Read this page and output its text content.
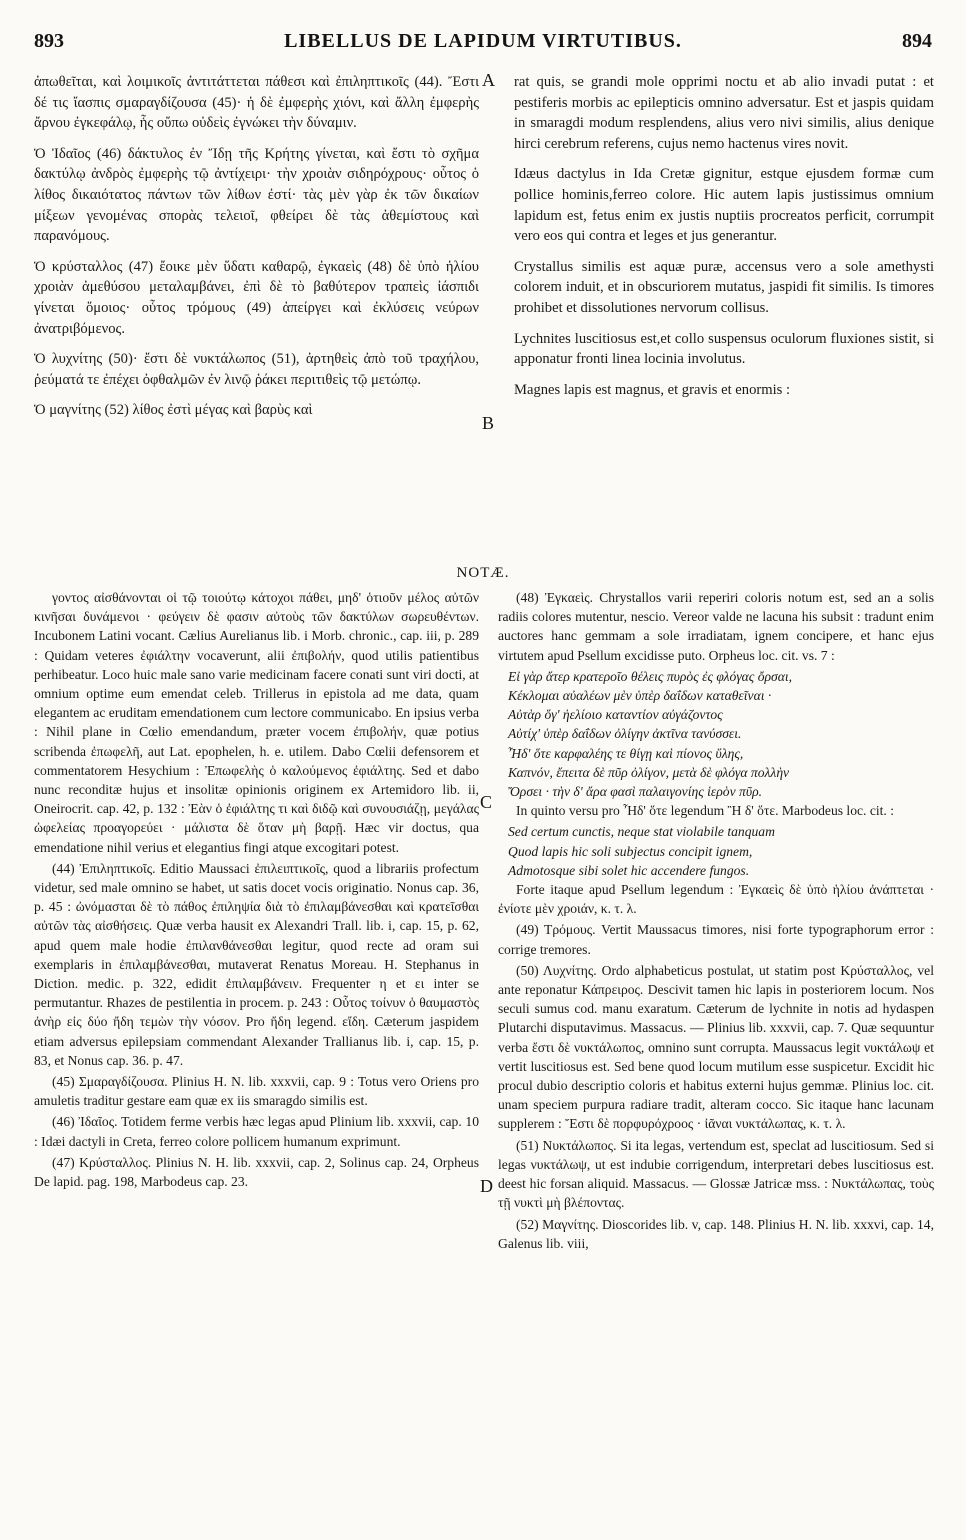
893	LIBELLUS DE LAPIDUM VIRTUTIBUS.	894
A
B
C
D

ἀπωθεῖται, καὶ λοιμικοῖς ἀντιτάττεται πάθεσι καὶ ἐπιληπτικοῖς (44). Ἔστι δέ τις ἴασπις σμαραγδίζουσα (45)· ἡ δὲ ἐμφερὴς χιόνι, καὶ ἄλλη ἐμφερὴς ἄρνου ἐγκεφάλῳ, ἧς οὔπω οὐδεὶς ἐγνώκει τὴν δύναμιν.

Ὁ Ἰδαῖος (46) δάκτυλος ἐν Ἴδῃ τῆς Κρήτης γίνεται, καὶ ἔστι τὸ σχῆμα δακτύλῳ ἀνδρὸς ἐμφερὴς τῷ ἀντίχειρι· τὴν χροιὰν σιδηρόχρους· οὗτος ὁ λίθος δικαιότατος πάντων τῶν λίθων ἐστί· τὰς μὲν γὰρ ἐκ τῶν δικαίων μίξεων γενομένας σπορὰς τελειοῖ, φθείρει δὲ τὰς ἀθεμίστους καὶ παρανόμους.

Ὁ κρύσταλλος (47) ἔοικε μὲν ὕδατι καθαρῷ, ἐγκαεὶς (48) δὲ ὑπὸ ἡλίου χροιὰν ἀμεθύσου μεταλαμβάνει, ἐπὶ δὲ τὸ βαθύτερον τραπεὶς ἰάσπιδι γίνεται ὅμοιος· οὗτος τρόμους (49) ἀπείργει καὶ ἐκλύσεις νεύρων ἀνατριβόμενος.

Ὁ λυχνίτης (50)· ἔστι δὲ νυκτάλωπος (51), ἀρτηθεὶς ἀπὸ τοῦ τραχήλου, ῥεύματά τε ἐπέχει ὀφθαλμῶν ἐν λινῷ ῥάκει περιτιθεὶς τῷ μετώπῳ.

Ὁ μαγνίτης (52) λίθος ἐστὶ μέγας καὶ βαρὺς καὶ

rat quis, se grandi mole opprimi noctu et ab alio invadi putat : et pestiferis morbis ac epilepticis omnino adversatur. Est et jaspis quidam in smaragdi modum resplendens, alius vero nivi similis, alius denique hirci cerebrum referens, cujus nemo hactenus vires novit.

Idæus dactylus in Ida Cretæ gignitur, estque ejusdem formæ cum pollice hominis,ferreo colore. Hic autem lapis justissimus omnium lapidum est, fetus enim ex justis nuptiis procreatos perficit, corrumpit vero eos qui contra et leges et jus generantur.

Crystallus similis est aquæ puræ, accensus vero a sole amethysti colorem induit, et in obscuriorem mutatus, jaspidi fit similis. Is timores prohibet et dissolutiones nervorum collisus.

Lychnites luscitiosus est,et collo suspensus oculorum fluxiones sistit, si apponatur fronti linea locinia involutus.

Magnes lapis est magnus, et gravis et enormis :

NOTÆ.

γοντος αἰσθάνονται οἱ τῷ τοιούτῳ κάτοχοι πάθει, μηδ' ὁτιοῦν μέλος αὐτῶν κινῆσαι δυνάμενοι · φεύγειν δὲ φασιν αὐτοὺς τῶν δακτύλων σωρευθέντων. Incubonem Latini vocant. Cælius Aurelianus lib. i Morb. chronic., cap. iii, p. 289 : Quidam veteres ἐφιάλτην vocaverunt, alii ἐπιβολήν, quod utilis patientibus perhibeatur. Loco huic male sano varie medicinam facere conati sunt viri docti, at omnium optime eum emendat celeb. Trillerus in epistola ad me data, quam elegantem ac eruditam emendationem cum lectore communicabo. En ipsius verba : Nihil plane in Cœlio emendandum, præter vocem ἐπιβολήν, quæ potius scribenda ἐπωφελῆ, aut Lat. epophelen, h. e. utilem. Dabo Cœlii defensorem et commentatorem Hesychium : Ἐπωφελὴς ὁ καλούμενος ἐφιάλτης. Sed et dabo nunc reconditæ hujus et insolitæ opinionis originem ex Artemidoro lib. ii, Oneirocrit. cap. 42, p. 132 : Ἐὰν ὁ ἐφιάλτης τι καὶ διδῷ καὶ συνουσιάζῃ, μεγάλας ὠφελείας προαγορεύει · μάλιστα δὲ ὅταν μὴ βαρῇ. Hæc vir doctus, qua emendatione nihil verius et elegantius fingi atque excogitari potest.

(44) Ἐπιληπτικοῖς. Editio Maussaci ἐπιλειπτικοῖς, quod a librariis profectum videtur, sed male omnino se habet, ut satis docet vocis originatio. Nonus cap. 36, p. 45 : ὠνόμασται δὲ τὸ πάθος ἐπιληψία διὰ τὸ ἐπιλαμβάνεσθαι καὶ κρατεῖσθαι αὐτῶν τὰς αἰσθήσεις. Quæ verba hausit ex Alexandri Trall. lib. i, cap. 15, p. 62, apud quem male hodie ἐπιλανθάνεσθαι legitur, quod recte ad oram sui exemplaris in ἐπιλαμβάνεσθαι, mutaverat Renatus Moreau. H. Stephanus in Diction. medic. p. 322, edidit ἐπιλαμβάνειν. Frequenter η et ει inter se permutantur. Rhazes de pestilentia in procem. p. 243 : Οὗτος τοίνυν ὁ θαυμαστὸς ἀνὴρ εἰς δύο ἤδη τεμὼν τὴν νόσον. Pro ἤδη legend. εἴδη. Cæterum jaspidem etiam adversus epilepsiam commendant Alexander Trallianus lib. i, cap. 15, p. 83, et Nonus cap. 36. p. 47.

(45) Σμαραγδίζουσα. Plinius H. N. lib. xxxvii, cap. 9 : Totus vero Oriens pro amuletis traditur gestare eam quæ ex iis smaragdo similis est.

(46) Ἰδαῖος. Totidem ferme verbis hæc legas apud Plinium lib. xxxvii, cap. 10 : Idæi dactyli in Creta, ferreo colore pollicem humanum exprimunt.

(47) Κρύσταλλος. Plinius N. H. lib. xxxvii, cap. 2, Solinus cap. 24, Orpheus De lapid. pag. 198, Marbodeus cap. 23.

(48) Ἐγκαεὶς. Chrystallos varii reperiri coloris notum est, sed an a solis radiis colores mutentur, nescio. Vereor valde ne lacuna his subsit : tradunt enim auctores hanc gemmam a sole irradiatam, ignem concipere, et hanc ejus virtutem apud Psellum excidisse puto. Orpheus loc. cit. vs. 7 :

Εἰ γὰρ ἄτερ κρατεροῖο θέλεις πυρὸς ἐς φλόγας ὄρσαι,

Κέκλομαι αὐαλέων μὲν ὑπὲρ δαΐδων καταθεῖναι ·

Αὐτὰρ ὅγ' ἠελίοιο καταντίον αὐγάζοντος

Αὐτίχ' ὑπὲρ δαΐδων ὀλίγην ἀκτῖνα τανύσσει.

Ἦδ' ὅτε καρφαλέης τε θίγῃ καὶ πίονος ὕλης,

Καπνόν, ἔπειτα δὲ πῦρ ὀλίγον, μετὰ δὲ φλόγα πολλὴν

Ὄρσει · τὴν δ' ἄρα φασὶ παλαιγονίης ἱερὸν πῦρ.

In quinto versu pro Ἦδ' ὅτε legendum Ἢ δ' ὅτε. Marbodeus loc. cit. :

Sed certum cunctis, neque stat violabile tanquam

Quod lapis hic soli subjectus concipit ignem,

Admotosque sibi solet hic accendere fungos.

Forte itaque apud Psellum legendum : Ἐγκαεὶς δὲ ὑπὸ ἡλίου ἀνάπτεται · ἐνίοτε μὲν χροιάν, κ. τ. λ.

(49) Τρόμους. Vertit Maussacus timores, nisi forte typographorum error : corrige tremores.

(50) Λυχνίτης. Ordo alphabeticus postulat, ut statim post Κρύσταλλος, vel ante reponatur Κάπρειρος. Descivit tamen hic lapis in posteriorem locum. Nos seculi sumus cod. manu exaratum. Cæterum de lychnite in notis ad hydaspen Plutarchi disputavimus. Massacus. — Plinius lib. xxxvii, cap. 7. Quæ sequuntur verba ἔστι δὲ νυκτάλωπος, omnino sunt corrupta. Maussacus legit νυκτάλωψ et vertit luscitiosus est. Sed bene quod locum mutilum esse suspicetur. Excidit hic procul dubio descriptio coloris et habitus externi hujus gemmæ. Plinius loc. cit. unam speciem purpura radiare tradit, alteram cocco. Sic itaque hanc lacunam supplerem : Ἔστι δὲ πορφυρόχροος · ἰᾶναι νυκτάλωπας, κ. τ. λ.

(51) Νυκτάλωπος. Si ita legas, vertendum est, speclat ad luscitiosum. Sed si legas νυκτάλωψ, ut est indubie corrigendum, interpretari debes luscitiosus est. deest hic forsan aliquid. Massacus. — Glossæ Jatricæ mss. : Νυκτάλωπας, τοὺς τῇ νυκτὶ μὴ βλέποντας.

(52) Μαγνίτης. Dioscorides lib. v, cap. 148. Plinius H. N. lib. xxxvi, cap. 14, Galenus lib. viii,
